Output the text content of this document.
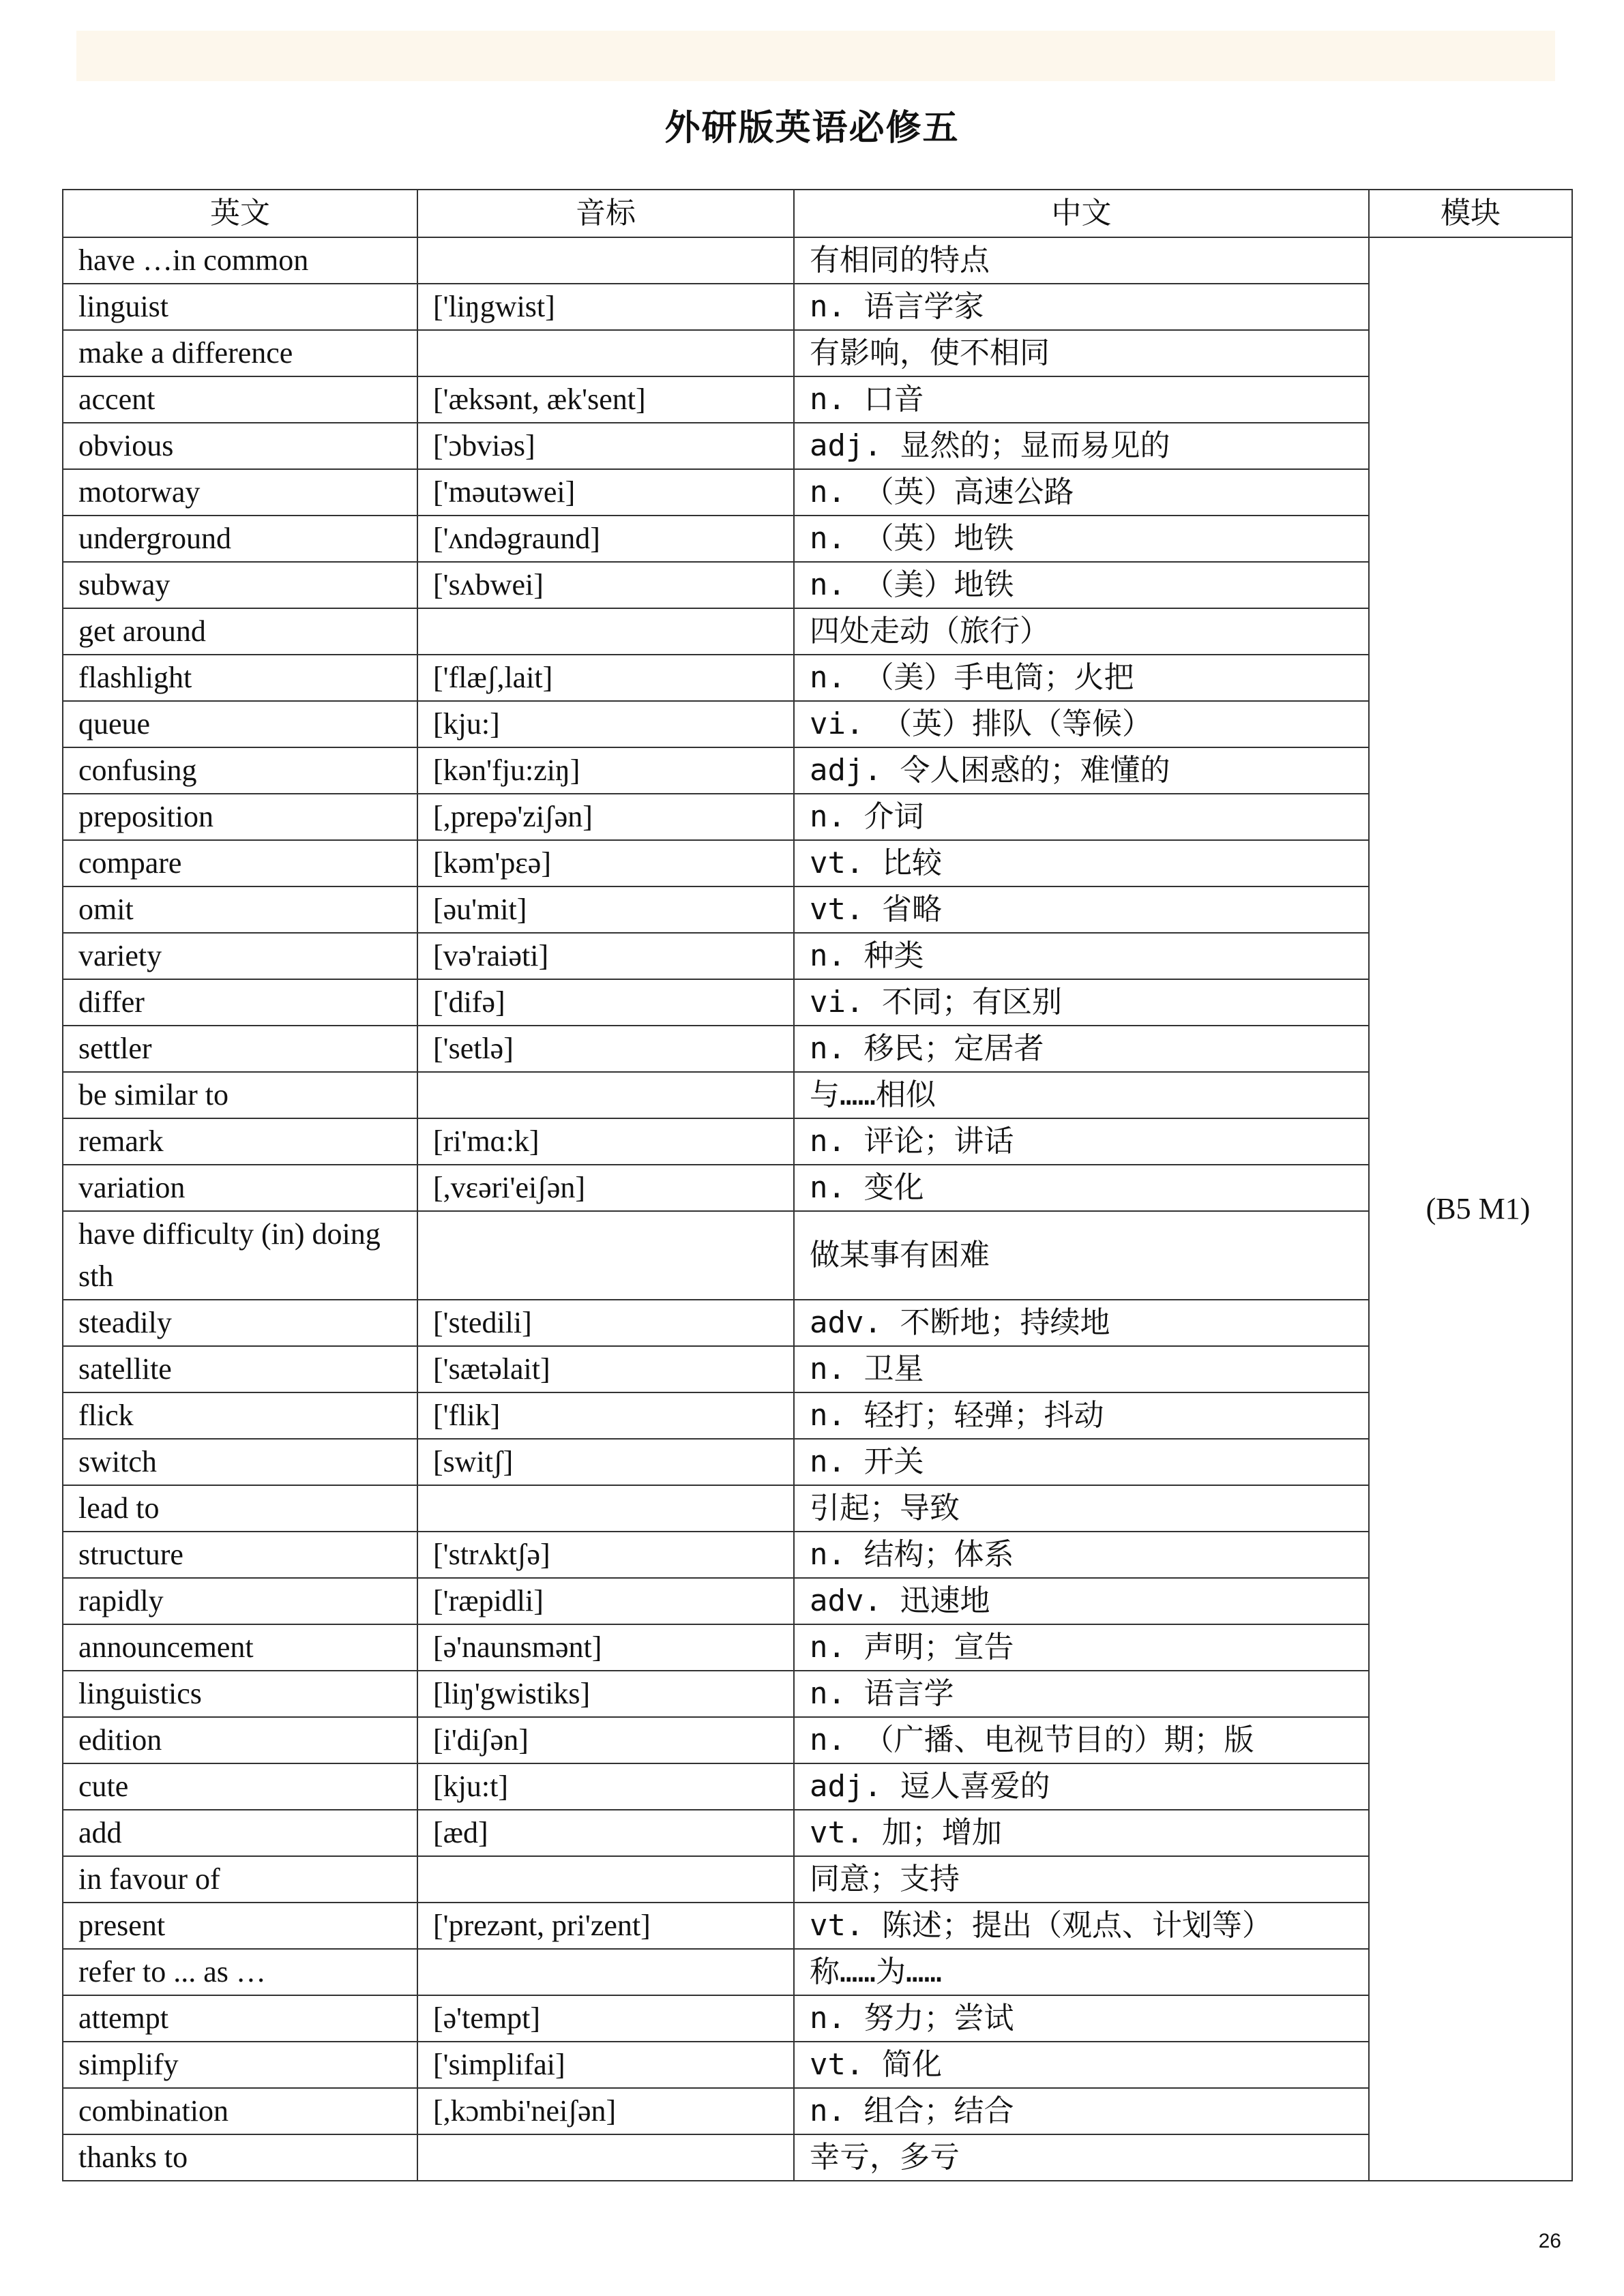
外研版英语必修五
英文	音标	中文	模块
have …in common		有相同的特点	(B5 M1)
linguist	['liŋgwist]	n. 语言学家	
make a difference		有影响，使不相同	
accent	['æksənt, æk'sent]	n. 口音	
obvious	['ɔbviəs]	adj. 显然的；显而易见的	
motorway	['məutəwei]	n. （英）高速公路	
underground	['ʌndəgraund]	n. （英）地铁	
subway	['sʌbwei]	n. （美）地铁	
get around		四处走动（旅行）	
flashlight	['flæʃ,lait]	n. （美）手电筒；火把	
queue	[kju:]	vi. （英）排队（等候）	
confusing	[kən'fju:ziŋ]	adj. 令人困惑的；难懂的	
preposition	[,prepə'ziʃən]	n. 介词	
compare	[kəm'pɛə]	vt. 比较	
omit	[əu'mit]	vt. 省略	
variety	[və'raiəti]	n. 种类	
differ	['difə]	vi. 不同；有区别	
settler	['setlə]	n. 移民；定居者	
be similar to		与……相似	
remark	[ri'mɑ:k]	n. 评论；讲话	
variation	[,vɛəri'eiʃən]	n. 变化	
have difficulty (in) doing sth		做某事有困难	
steadily	['stedili]	adv. 不断地；持续地	
satellite	['sætəlait]	n. 卫星	
flick	['flik]	n. 轻打；轻弹；抖动	
switch	[switʃ]	n. 开关	
lead to		引起；导致	
structure	['strʌktʃə]	n. 结构；体系	
rapidly	['ræpidli]	adv. 迅速地	
announcement	[ə'naunsmənt]	n. 声明；宣告	
linguistics	[liŋ'gwistiks]	n. 语言学	
edition	[i'diʃən]	n. （广播、电视节目的）期；版	
cute	[kju:t]	adj. 逗人喜爱的	
add	[æd]	vt. 加；增加	
in favour of		同意；支持	
present	['prezənt, pri'zent]	vt. 陈述；提出（观点、计划等）	
refer to ... as …		称……为……	
attempt	[ə'tempt]	n. 努力；尝试	
simplify	['simplifai]	vt. 简化	
combination	[,kɔmbi'neiʃən]	n. 组合；结合	
thanks to		幸亏，多亏	
26
